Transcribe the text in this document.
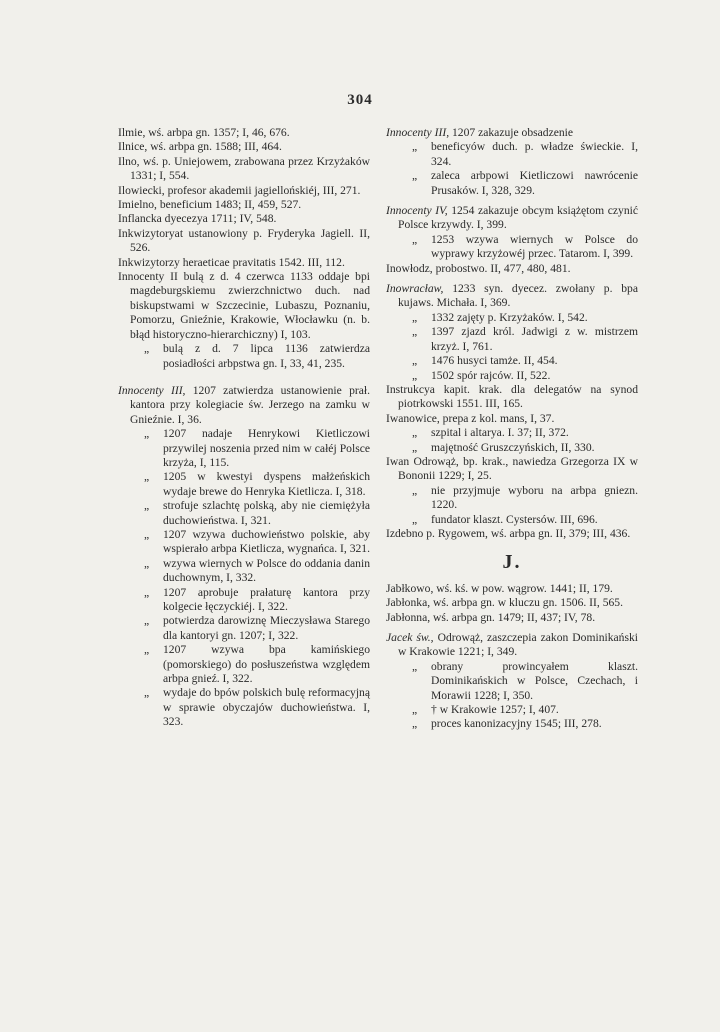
304

Ilmie, wś. arbpa gn. 1357; I, 46, 676.

Ilnice, wś. arbpa gn. 1588; III, 464.

Ilno, wś. p. Uniejowem, zrabowana przez Krzyżaków 1331; I, 554.

Ilowiecki, profesor akademii jagiellońskiéj, III, 271.

Imielno, beneficium 1483; II, 459, 527.

Inflancka dyecezya 1711; IV, 548.

Inkwizytoryat ustanowiony p. Fryderyka Jagiell. II, 526.

Inkwizytorzy heraeticae pravitatis 1542. III, 112.

Innocenty II bulą z d. 4 czerwca 1133 oddaje bpi magdeburgskiemu zwierzchnictwo duch. nad biskupstwami w Szczecinie, Lubaszu, Poznaniu, Pomorzu, Gnieźnie, Krakowie, Włocławku (n. b. błąd historyczno-hierarchiczny) I, 103.

„ bulą z d. 7 lipca 1136 zatwierdza posiadłości arbpstwa gn. I, 33, 41, 235.

Innocenty III, 1207 zatwierdza ustanowienie prał. kantora przy kolegiacie św. Jerzego na zamku w Gnieźnie. I, 36.

„ 1207 nadaje Henrykowi Kietliczowi przywilej noszenia przed nim w całéj Polsce krzyża, I, 115.

„ 1205 w kwestyi dyspens małżeńskich wydaje brewe do Henryka Kietlicza. I, 318.

„ strofuje szlachtę polską, aby nie ciemiężyła duchowieństwa. I, 321.

„ 1207 wzywa duchowieństwo polskie, aby wspierało arbpa Kietlicza, wygnańca. I, 321.

„ wzywa wiernych w Polsce do oddania danin duchownym, I, 332.

„ 1207 aprobuje prałaturę kantora przy kolgecie łęczyckiéj. I, 322.

„ potwierdza darowiznę Mieczysława Starego dla kantoryi gn. 1207; I, 322.

„ 1207 wzywa bpa kamińskiego (pomorskiego) do posłuszeństwa względem arbpa gnieź. I, 322.

„ wydaje do bpów polskich bulę reformacyjną w sprawie obyczajów duchowieństwa. I, 323.

Innocenty III, 1207 zakazuje obsadzenie

„ beneficyów duch. p. władze świeckie. I, 324.

„ zaleca arbpowi Kietliczowi nawrócenie Prusaków. I, 328, 329.

Innocenty IV, 1254 zakazuje obcym książętom czynić Polsce krzywdy. I, 399.

„ 1253 wzywa wiernych w Polsce do wyprawy krzyżowéj przec. Tatarom. I, 399.

Inowłodz, probostwo. II, 477, 480, 481.

Inowracław, 1233 syn. dyecez. zwołany p. bpa kujaws. Michała. I, 369.

„ 1332 zajęty p. Krzyżaków. I, 542.

„ 1397 zjazd król. Jadwigi z w. mistrzem krzyż. I, 761.

„ 1476 husyci tamże. II, 454.

„ 1502 spór rajców. II, 522.

Instrukcya kapit. krak. dla delegatów na synod piotrkowski 1551. III, 165.

Iwanowice, prepa z kol. mans, I, 37.

„ szpital i altarya. I. 37; II, 372.

„ majętność Gruszczyńskich, II, 330.

Iwan Odrowąż, bp. krak., nawiedza Grzegorza IX w Bononii 1229; I, 25.

„ nie przyjmuje wyboru na arbpa gniezn. 1220.

„ fundator klaszt. Cystersów. III, 696.

Izdebno p. Rygowem, wś. arbpa gn. II, 379; III, 436.

J.

Jabłkowo, wś. kś. w pow. wągrow. 1441; II, 179.

Jabłonka, wś. arbpa gn. w kluczu gn. 1506. II, 565.

Jabłonna, wś. arbpa gn. 1479; II, 437; IV, 78.

Jacek św., Odrowąż, zaszczepia zakon Dominikański w Krakowie 1221; I, 349.

„ obrany prowincyałem klaszt. Dominikańskich w Polsce, Czechach, i Morawii 1228; I, 350.

„ † w Krakowie 1257; I, 407.

„ proces kanonizacyjny 1545; III, 278.
